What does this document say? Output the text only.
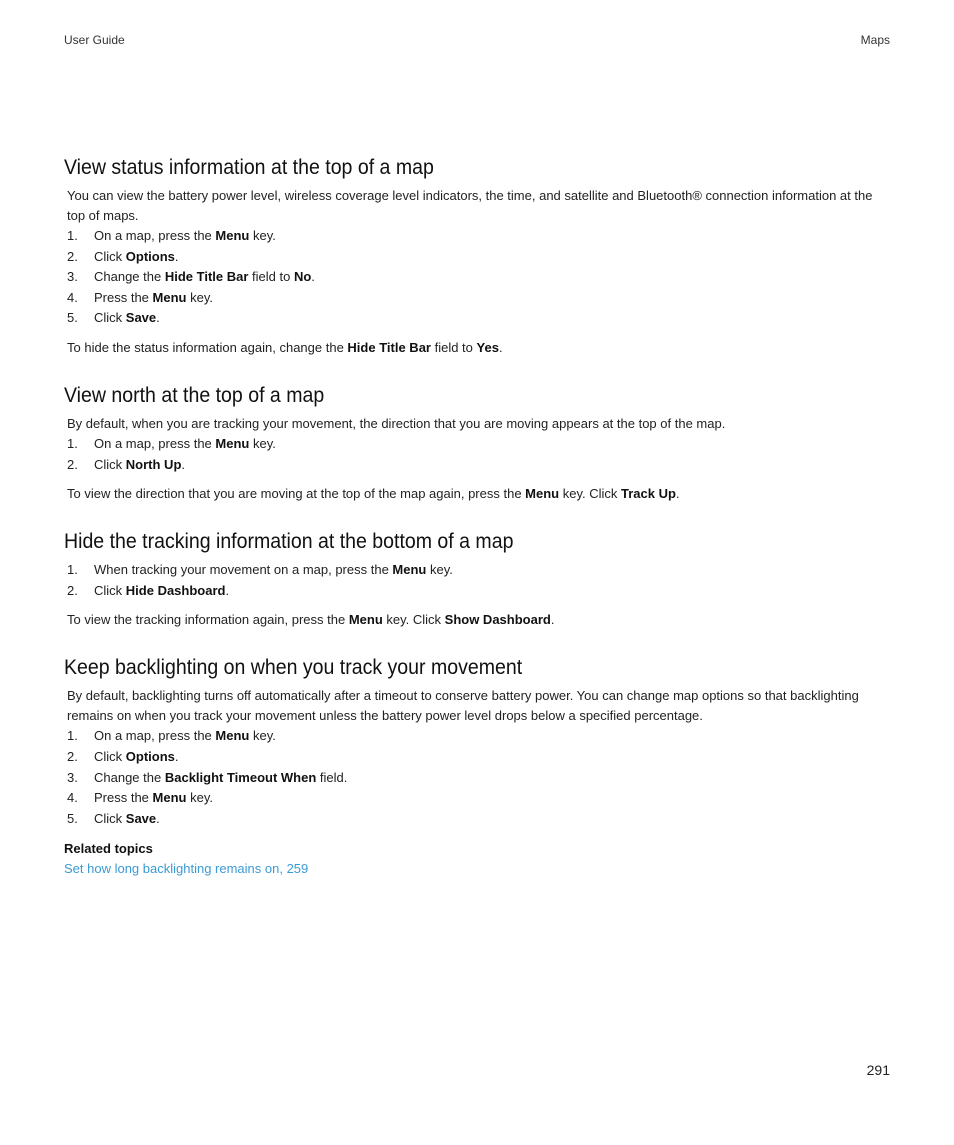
User Guide	Maps
View status information at the top of a map

You can view the battery power level, wireless coverage level indicators, the time, and satellite and Bluetooth® connection information at the top of maps.

1. On a map, press the Menu key.
2. Click Options.
3. Change the Hide Title Bar field to No.
4. Press the Menu key.
5. Click Save.

To hide the status information again, change the Hide Title Bar field to Yes.

View north at the top of a map

By default, when you are tracking your movement, the direction that you are moving appears at the top of the map.

1. On a map, press the Menu key.
2. Click North Up.

To view the direction that you are moving at the top of the map again, press the Menu key. Click Track Up.

Hide the tracking information at the bottom of a map
1. When tracking your movement on a map, press the Menu key.
2. Click Hide Dashboard.

To view the tracking information again, press the Menu key. Click Show Dashboard.

Keep backlighting on when you track your movement

By default, backlighting turns off automatically after a timeout to conserve battery power. You can change map options so that backlighting remains on when you track your movement unless the battery power level drops below a specified percentage.

1. On a map, press the Menu key.
2. Click Options.
3. Change the Backlight Timeout When field.
4. Press the Menu key.
5. Click Save.

Related topics

Set how long backlighting remains on, 259
291
